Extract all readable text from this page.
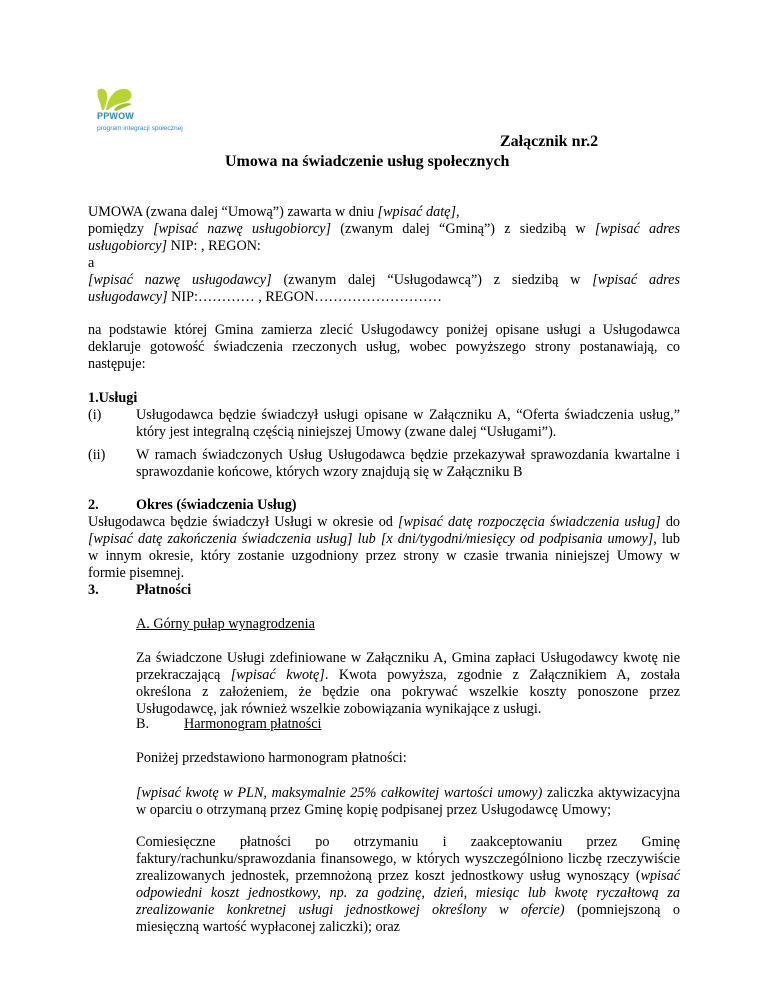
PPWOW
program integracji społecznej
Załącznik nr.2
Umowa na świadczenie usług społecznych

UMOWA (zwana dalej “Umową”) zawarta w dniu [wpisać datę],

pomiędzy [wpisać nazwę usługobiorcy] (zwanym dalej “Gminą”) z siedzibą w [wpisać adres

usługobiorcy] NIP: , REGON:

a

[wpisać nazwę usługodawcy] (zwanym dalej “Usługodawcą”) z siedzibą w [wpisać adres

usługodawcy] NIP:………… , REGON………………………

na podstawie której Gmina zamierza zlecić Usługodawcy poniżej opisane usługi a Usługodawca

deklaruje gotowość świadczenia rzeczonych usług, wobec powyższego strony postanawiają, co

następuje:

1.Usługi

(i) Usługodawca będzie świadczył usługi opisane w Załączniku A, “Oferta świadczenia usług,”

który jest integralną częścią niniejszej Umowy (zwane dalej “Usługami”).

(ii) W ramach świadczonych Usług Usługodawca będzie przekazywał sprawozdania kwartalne i

sprawozdanie końcowe, których wzory znajdują się w Załączniku B

2.	Okres (świadczenia Usług)

Usługodawca będzie świadczył Usługi w okresie od [wpisać datę rozpoczęcia świadczenia usług] do

[wpisać datę zakończenia świadczenia usług] lub [x dni/tygodni/miesięcy od podpisania umowy], lub

w innym okresie, który zostanie uzgodniony przez strony w czasie trwania niniejszej Umowy w

formie pisemnej.

3.	Płatności

A. Górny pułap wynagrodzenia

Za świadczone Usługi zdefiniowane w Załączniku A, Gmina zapłaci Usługodawcy kwotę nie

przekraczającą [wpisać kwotę]. Kwota powyższa, zgodnie z Załącznikiem A, została

określona z założeniem, że będzie ona pokrywać wszelkie koszty ponoszone przez

Usługodawcę, jak również wszelkie zobowiązania wynikające z usługi.

B. Harmonogram płatności

Poniżej przedstawiono harmonogram płatności:

[wpisać kwotę w PLN, maksymalnie 25% całkowitej wartości umowy) zaliczka aktywizacyjna

w oparciu o otrzymaną przez Gminę kopię podpisanej przez Usługodawcę Umowy;

Comiesięczne płatności po otrzymaniu i zaakceptowaniu przez Gminę

faktury/rachunku/sprawozdania finansowego, w których wyszczególniono liczbę rzeczywiście

zrealizowanych jednostek, przemnożoną przez koszt jednostkowy usług wynoszący (wpisać

odpowiedni koszt jednostkowy, np. za godzinę, dzień, miesiąc lub kwotę ryczałtową za

zrealizowanie konkretnej usługi jednostkowej określony w ofercie) (pomniejszoną o

miesięczną wartość wypłaconej zaliczki); oraz
